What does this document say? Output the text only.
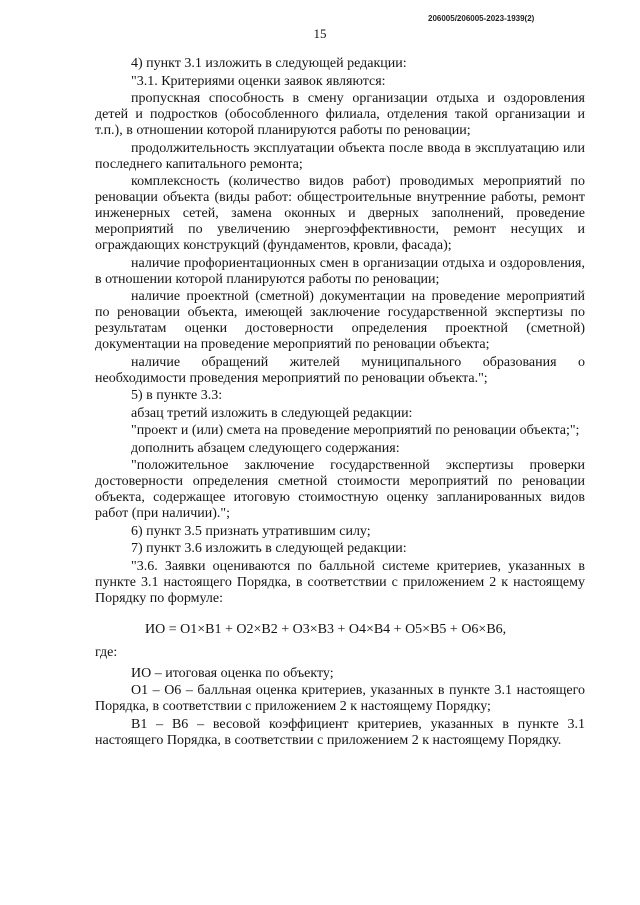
206005/206005-2023-1939(2)
15

4) пункт 3.1 изложить в следующей редакции:

"3.1. Критериями оценки заявок являются:

пропускная способность в смену организации отдыха и оздоровления детей и подростков (обособленного филиала, отделения такой организации и т.п.), в отношении которой планируются работы по реновации;

продолжительность эксплуатации объекта после ввода в эксплуатацию или последнего капитального ремонта;

комплексность (количество видов работ) проводимых мероприятий по реновации объекта (виды работ: общестроительные внутренние работы, ремонт инженерных сетей, замена оконных и дверных заполнений, проведение мероприятий по увеличению энергоэффективности, ремонт несущих и ограждающих конструкций (фундаментов, кровли, фасада);

наличие профориентационных смен в организации отдыха и оздоровления, в отношении которой планируются работы по реновации;

наличие проектной (сметной) документации на проведение мероприятий по реновации объекта, имеющей заключение государственной экспертизы по результатам оценки достоверности определения проектной (сметной) документации на проведение мероприятий по реновации объекта;

наличие обращений жителей муниципального образования о необходимости проведения мероприятий по реновации объекта.";

5) в пункте 3.3:

абзац третий изложить в следующей редакции:

"проект и (или) смета на проведение мероприятий по реновации объекта;";

дополнить абзацем следующего содержания:

"положительное заключение государственной экспертизы проверки достоверности определения сметной стоимости мероприятий по реновации объекта, содержащее итоговую стоимостную оценку запланированных видов работ (при наличии).";

6) пункт 3.5 признать утратившим силу;

7) пункт 3.6 изложить в следующей редакции:

"3.6. Заявки оцениваются по балльной системе критериев, указанных в пункте 3.1 настоящего Порядка, в соответствии с приложением 2 к настоящему Порядку по формуле:

ИО = О1×В1 + О2×В2 + О3×В3 + О4×В4 + О5×В5 + О6×В6,

где:

ИО – итоговая оценка по объекту;

О1 – О6 – балльная оценка критериев, указанных в пункте 3.1 настоящего Порядка, в соответствии с приложением 2 к настоящему Порядку;

В1 – В6 – весовой коэффициент критериев, указанных в пункте 3.1 настоящего Порядка, в соответствии с приложением 2 к настоящему Порядку.
